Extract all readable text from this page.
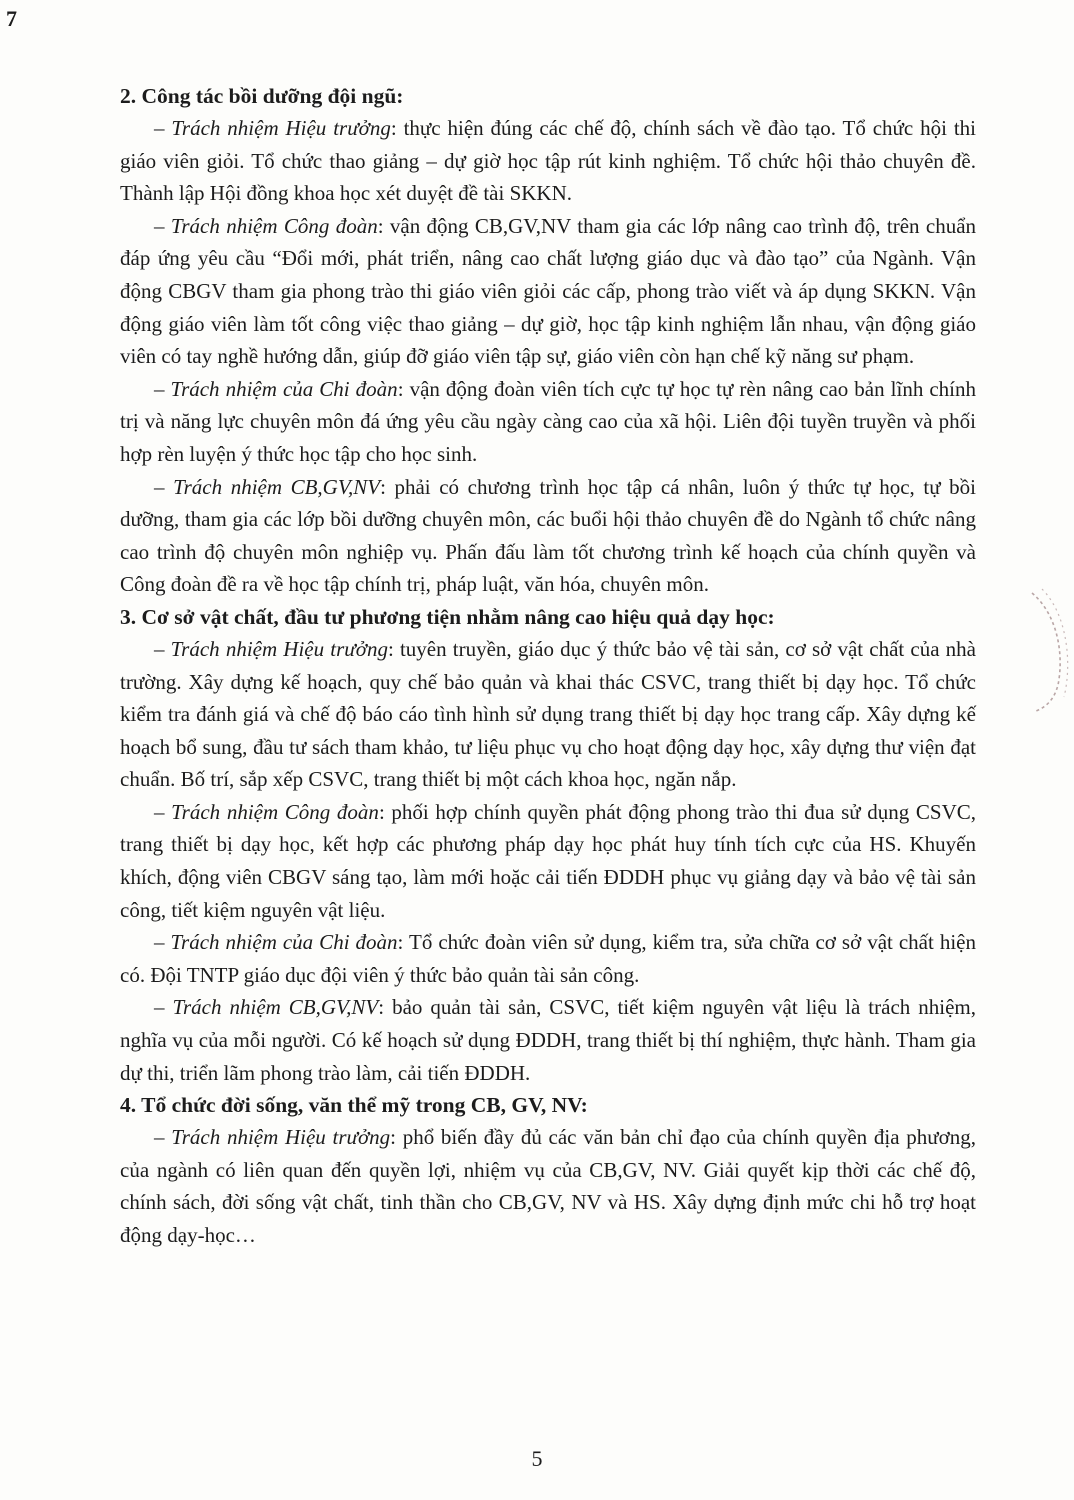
7

2. Công tác bồi dưỡng đội ngũ:

– Trách nhiệm Hiệu trưởng: thực hiện đúng các chế độ, chính sách về đào tạo. Tổ chức hội thi giáo viên giỏi. Tổ chức thao giảng – dự giờ học tập rút kinh nghiệm. Tổ chức hội thảo chuyên đề. Thành lập Hội đồng khoa học xét duyệt đề tài SKKN.

– Trách nhiệm Công đoàn: vận động CB,GV,NV tham gia các lớp nâng cao trình độ, trên chuẩn đáp ứng yêu cầu “Đổi mới, phát triển, nâng cao chất lượng giáo dục và đào tạo” của Ngành. Vận động CBGV tham gia phong trào thi giáo viên giỏi các cấp, phong trào viết và áp dụng SKKN. Vận động giáo viên làm tốt công việc thao giảng – dự giờ, học tập kinh nghiệm lẫn nhau, vận động giáo viên có tay nghề hướng dẫn, giúp đỡ giáo viên tập sự, giáo viên còn hạn chế kỹ năng sư phạm.

– Trách nhiệm của Chi đoàn: vận động đoàn viên tích cực tự học tự rèn nâng cao bản lĩnh chính trị và năng lực chuyên môn đá ứng yêu cầu ngày càng cao của xã hội. Liên đội tuyền truyền và phối hợp rèn luyện ý thức học tập cho học sinh.

– Trách nhiệm CB,GV,NV: phải có chương trình học tập cá nhân, luôn ý thức tự học, tự bồi dưỡng, tham gia các lớp bồi dưỡng chuyên môn, các buổi hội thảo chuyên đề do Ngành tổ chức nâng cao trình độ chuyên môn nghiệp vụ. Phấn đấu làm tốt chương trình kế hoạch của chính quyền và Công đoàn đề ra về học tập chính trị, pháp luật, văn hóa, chuyên môn.

3. Cơ sở vật chất, đầu tư phương tiện nhằm nâng cao hiệu quả dạy học:

– Trách nhiệm Hiệu trưởng: tuyên truyền, giáo dục ý thức bảo vệ tài sản, cơ sở vật chất của nhà trường. Xây dựng kế hoạch, quy chế bảo quản và khai thác CSVC, trang thiết bị dạy học. Tổ chức kiểm tra đánh giá và chế độ báo cáo tình hình sử dụng trang thiết bị dạy học trang cấp. Xây dựng kế hoạch bổ sung, đầu tư sách tham khảo, tư liệu phục vụ cho hoạt động dạy học, xây dựng thư viện đạt chuẩn. Bố trí, sắp xếp CSVC, trang thiết bị một cách khoa học, ngăn nắp.

– Trách nhiệm Công đoàn: phối hợp chính quyền phát động phong trào thi đua sử dụng CSVC, trang thiết bị dạy học, kết hợp các phương pháp dạy học phát huy tính tích cực của HS. Khuyến khích, động viên CBGV sáng tạo, làm mới hoặc cải tiến ĐDDH phục vụ giảng dạy và bảo vệ tài sản công, tiết kiệm nguyên vật liệu.

– Trách nhiệm của Chi đoàn: Tổ chức đoàn viên sử dụng, kiểm tra, sửa chữa cơ sở vật chất hiện có. Đội TNTP giáo dục đội viên ý thức bảo quản tài sản công.

– Trách nhiệm CB,GV,NV: bảo quản tài sản, CSVC, tiết kiệm nguyên vật liệu là trách nhiệm, nghĩa vụ của mỗi người. Có kế hoạch sử dụng ĐDDH, trang thiết bị thí nghiệm, thực hành. Tham gia dự thi, triển lãm phong trào làm, cải tiến ĐDDH.

4. Tổ chức đời sống, văn thể mỹ trong CB, GV, NV:

– Trách nhiệm Hiệu trưởng: phổ biến đầy đủ các văn bản chỉ đạo của chính quyền địa phương, của ngành có liên quan đến quyền lợi, nhiệm vụ của CB,GV, NV. Giải quyết kịp thời các chế độ, chính sách, đời sống vật chất, tinh thần cho CB,GV, NV và HS. Xây dựng định mức chi hỗ trợ hoạt động dạy-học…

5
